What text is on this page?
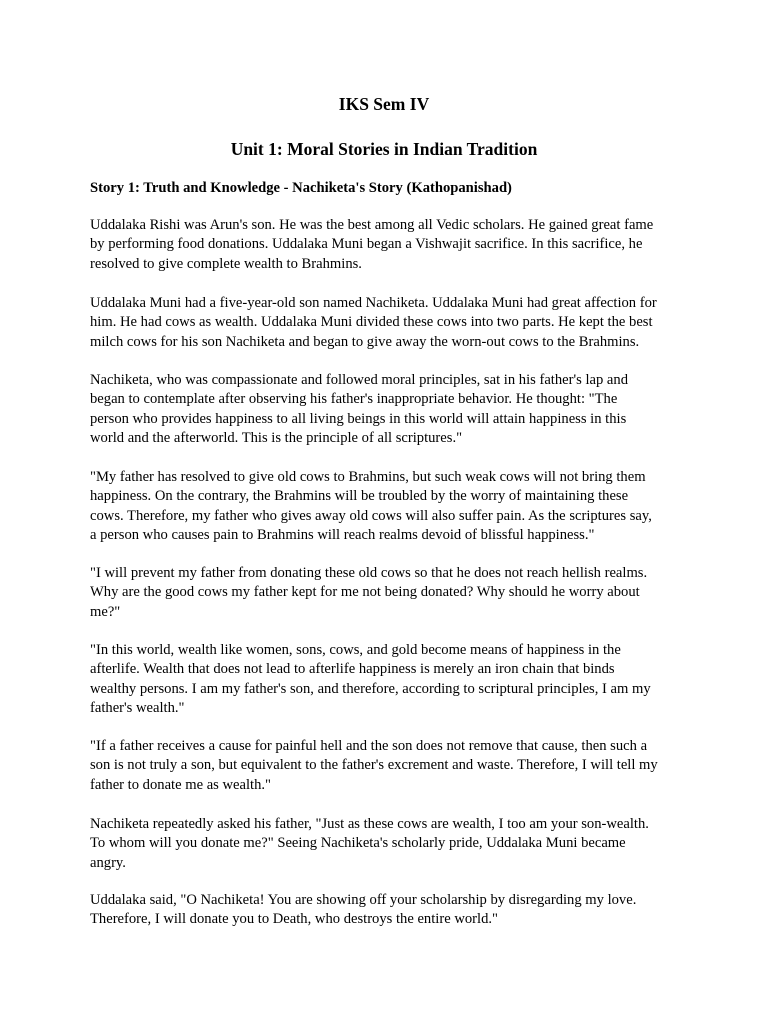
IKS Sem IV
Unit 1: Moral Stories in Indian Tradition
Story 1: Truth and Knowledge - Nachiketa's Story (Kathopanishad)

Uddalaka Rishi was Arun's son. He was the best among all Vedic scholars. He gained great fame
by performing food donations. Uddalaka Muni began a Vishwajit sacrifice. In this sacrifice, he
resolved to give complete wealth to Brahmins.

Uddalaka Muni had a five-year-old son named Nachiketa. Uddalaka Muni had great affection for
him. He had cows as wealth. Uddalaka Muni divided these cows into two parts. He kept the best
milch cows for his son Nachiketa and began to give away the worn-out cows to the Brahmins.

Nachiketa, who was compassionate and followed moral principles, sat in his father's lap and
began to contemplate after observing his father's inappropriate behavior. He thought: "The
person who provides happiness to all living beings in this world will attain happiness in this
world and the afterworld. This is the principle of all scriptures."

"My father has resolved to give old cows to Brahmins, but such weak cows will not bring them
happiness. On the contrary, the Brahmins will be troubled by the worry of maintaining these
cows. Therefore, my father who gives away old cows will also suffer pain. As the scriptures say,
a person who causes pain to Brahmins will reach realms devoid of blissful happiness."

"I will prevent my father from donating these old cows so that he does not reach hellish realms.
Why are the good cows my father kept for me not being donated? Why should he worry about
me?"

"In this world, wealth like women, sons, cows, and gold become means of happiness in the
afterlife. Wealth that does not lead to afterlife happiness is merely an iron chain that binds
wealthy persons. I am my father's son, and therefore, according to scriptural principles, I am my
father's wealth."

"If a father receives a cause for painful hell and the son does not remove that cause, then such a
son is not truly a son, but equivalent to the father's excrement and waste. Therefore, I will tell my
father to donate me as wealth."

Nachiketa repeatedly asked his father, "Just as these cows are wealth, I too am your son-wealth.
To whom will you donate me?" Seeing Nachiketa's scholarly pride, Uddalaka Muni became
angry.

Uddalaka said, "O Nachiketa! You are showing off your scholarship by disregarding my love.
Therefore, I will donate you to Death, who destroys the entire world."
